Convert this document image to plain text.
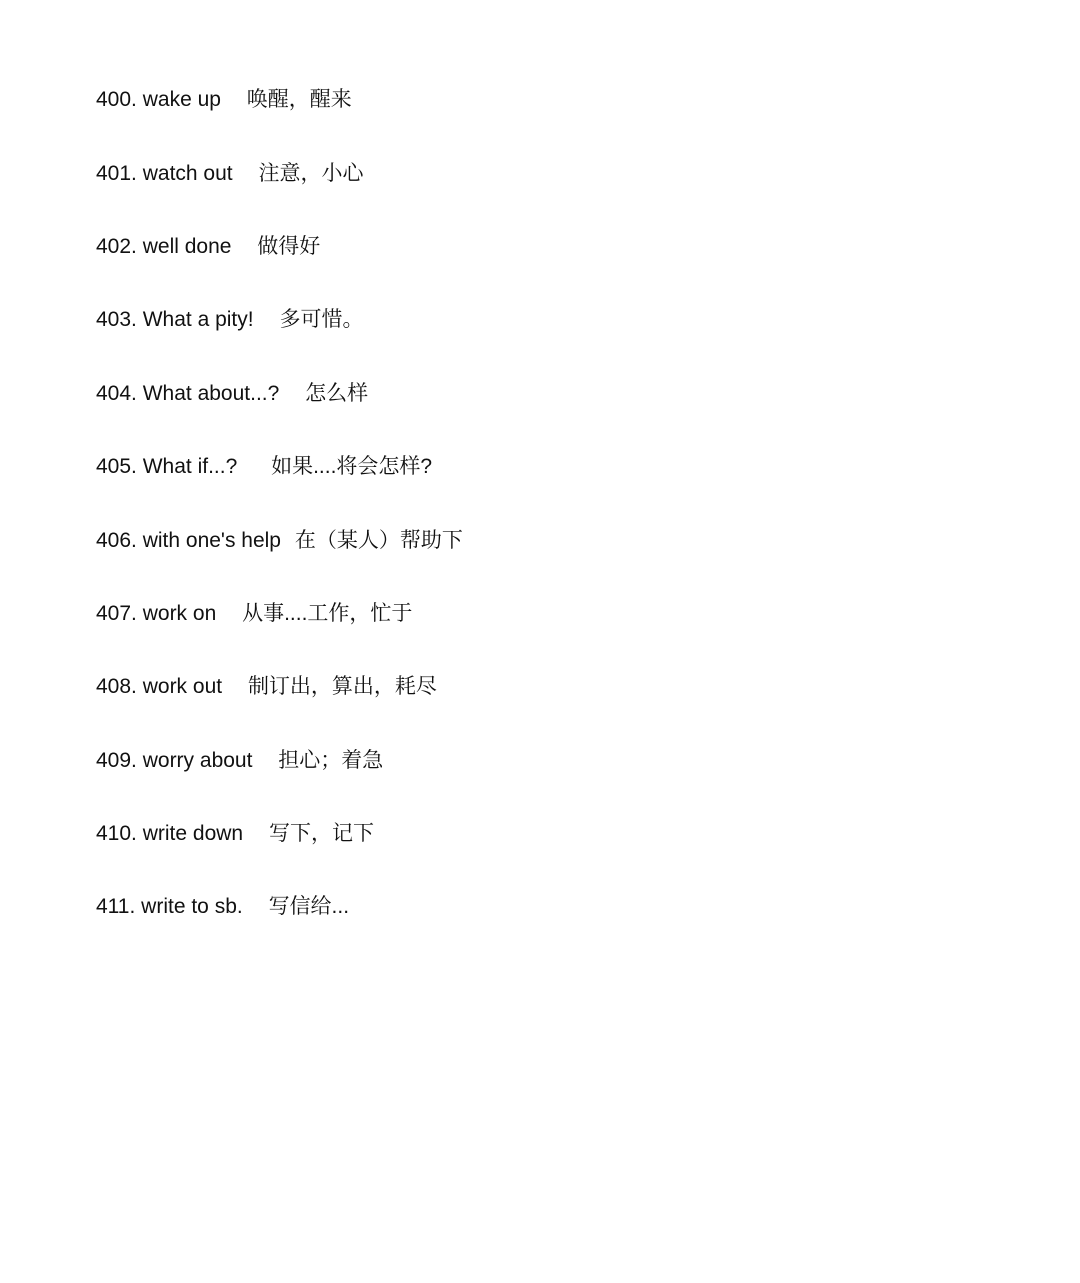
400. wake up 唤醒，醒来
401. watch out 注意，小心
402. well done 做得好
403. What a pity! 多可惜。
404. What about...? 怎么样
405. What if...? 如果....将会怎样?
406. with one's help 在（某人）帮助下
407. work on 从事....工作，忙于
408. work out 制订出，算出，耗尽
409. worry about 担心；着急
410. write down 写下，记下
411. write to sb. 写信给...
